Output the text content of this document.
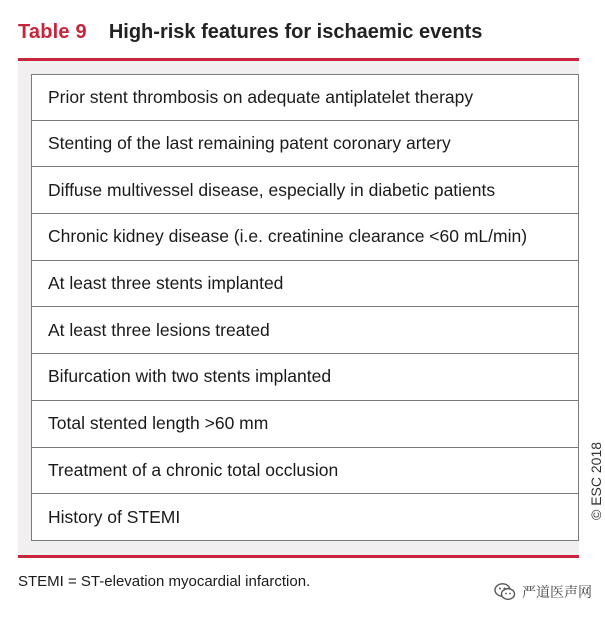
Table 9 High-risk features for ischaemic events
Prior stent thrombosis on adequate antiplatelet therapy
Stenting of the last remaining patent coronary artery
Diffuse multivessel disease, especially in diabetic patients
Chronic kidney disease (i.e. creatinine clearance <60 mL/min)
At least three stents implanted
At least three lesions treated
Bifurcation with two stents implanted
Total stented length >60 mm
Treatment of a chronic total occlusion
History of STEMI
STEMI = ST-elevation myocardial infarction.
© ESC 2018
严道医声网
